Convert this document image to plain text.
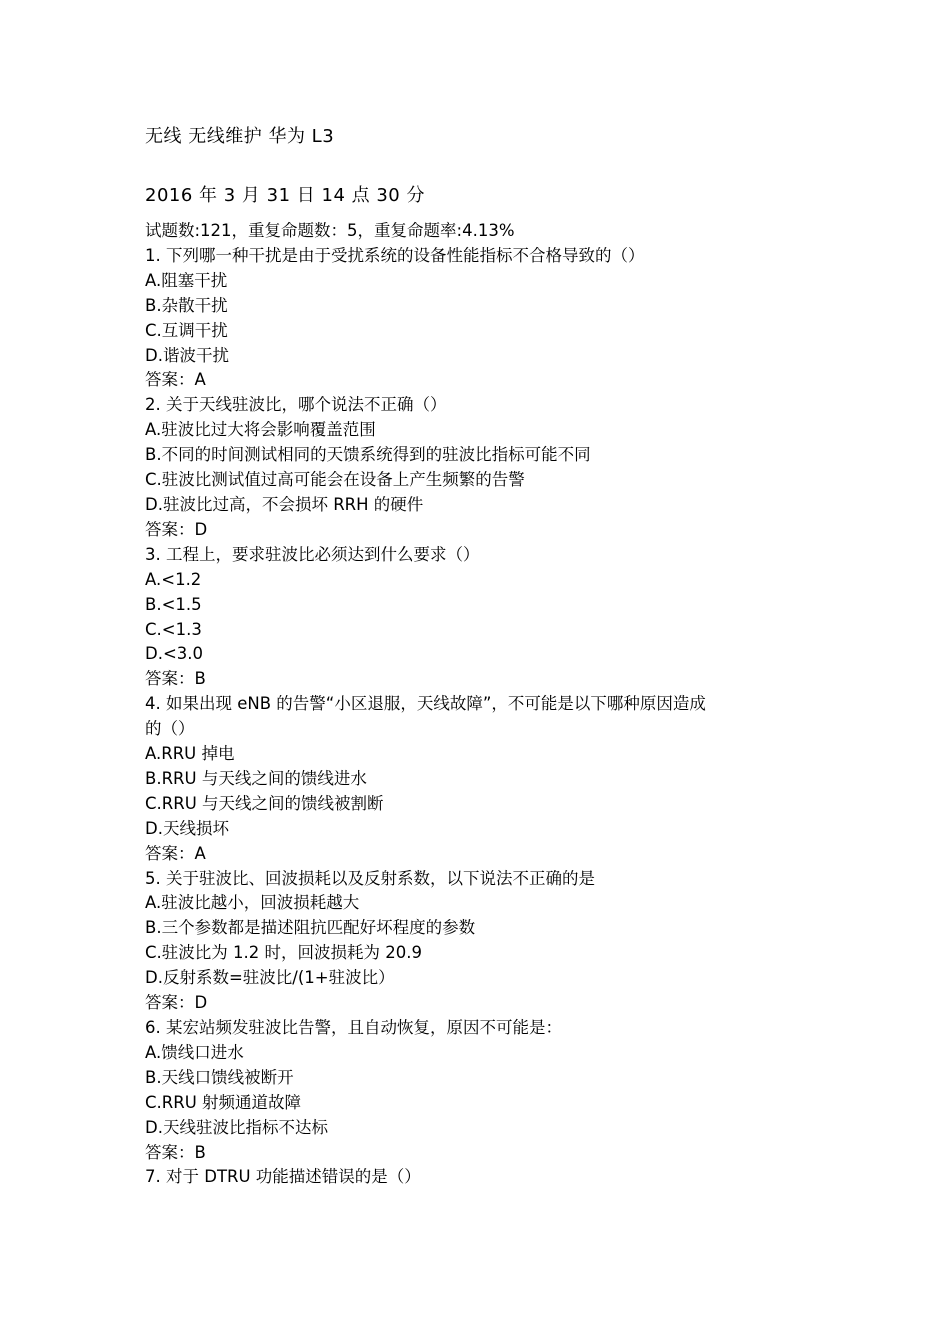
无线 无线维护 华为 L3
2016 年 3 月 31 日 14 点 30 分
试题数:121，重复命题数：5，重复命题率:4.13%
1. 下列哪一种干扰是由于受扰系统的设备性能指标不合格导致的（）
A.阻塞干扰
B.杂散干扰
C.互调干扰
D.谐波干扰
答案：A
2. 关于天线驻波比，哪个说法不正确（）
A.驻波比过大将会影响覆盖范围
B.不同的时间测试相同的天馈系统得到的驻波比指标可能不同
C.驻波比测试值过高可能会在设备上产生频繁的告警
D.驻波比过高，不会损坏 RRH 的硬件
答案：D
3. 工程上，要求驻波比必须达到什么要求（）
A.<1.2
B.<1.5
C.<1.3
D.<3.0
答案：B
4. 如果出现 eNB 的告警“小区退服，天线故障”，不可能是以下哪种原因造成
的（）
A.RRU 掉电
B.RRU 与天线之间的馈线进水
C.RRU 与天线之间的馈线被割断
D.天线损坏
答案：A
5. 关于驻波比、回波损耗以及反射系数，以下说法不正确的是
A.驻波比越小，回波损耗越大
B.三个参数都是描述阻抗匹配好坏程度的参数
C.驻波比为 1.2 时，回波损耗为 20.9
D.反射系数=驻波比/(1+驻波比）
答案：D
6. 某宏站频发驻波比告警，且自动恢复，原因不可能是：
A.馈线口进水
B.天线口馈线被断开
C.RRU 射频通道故障
D.天线驻波比指标不达标
答案：B
7. 对于 DTRU 功能描述错误的是（）
